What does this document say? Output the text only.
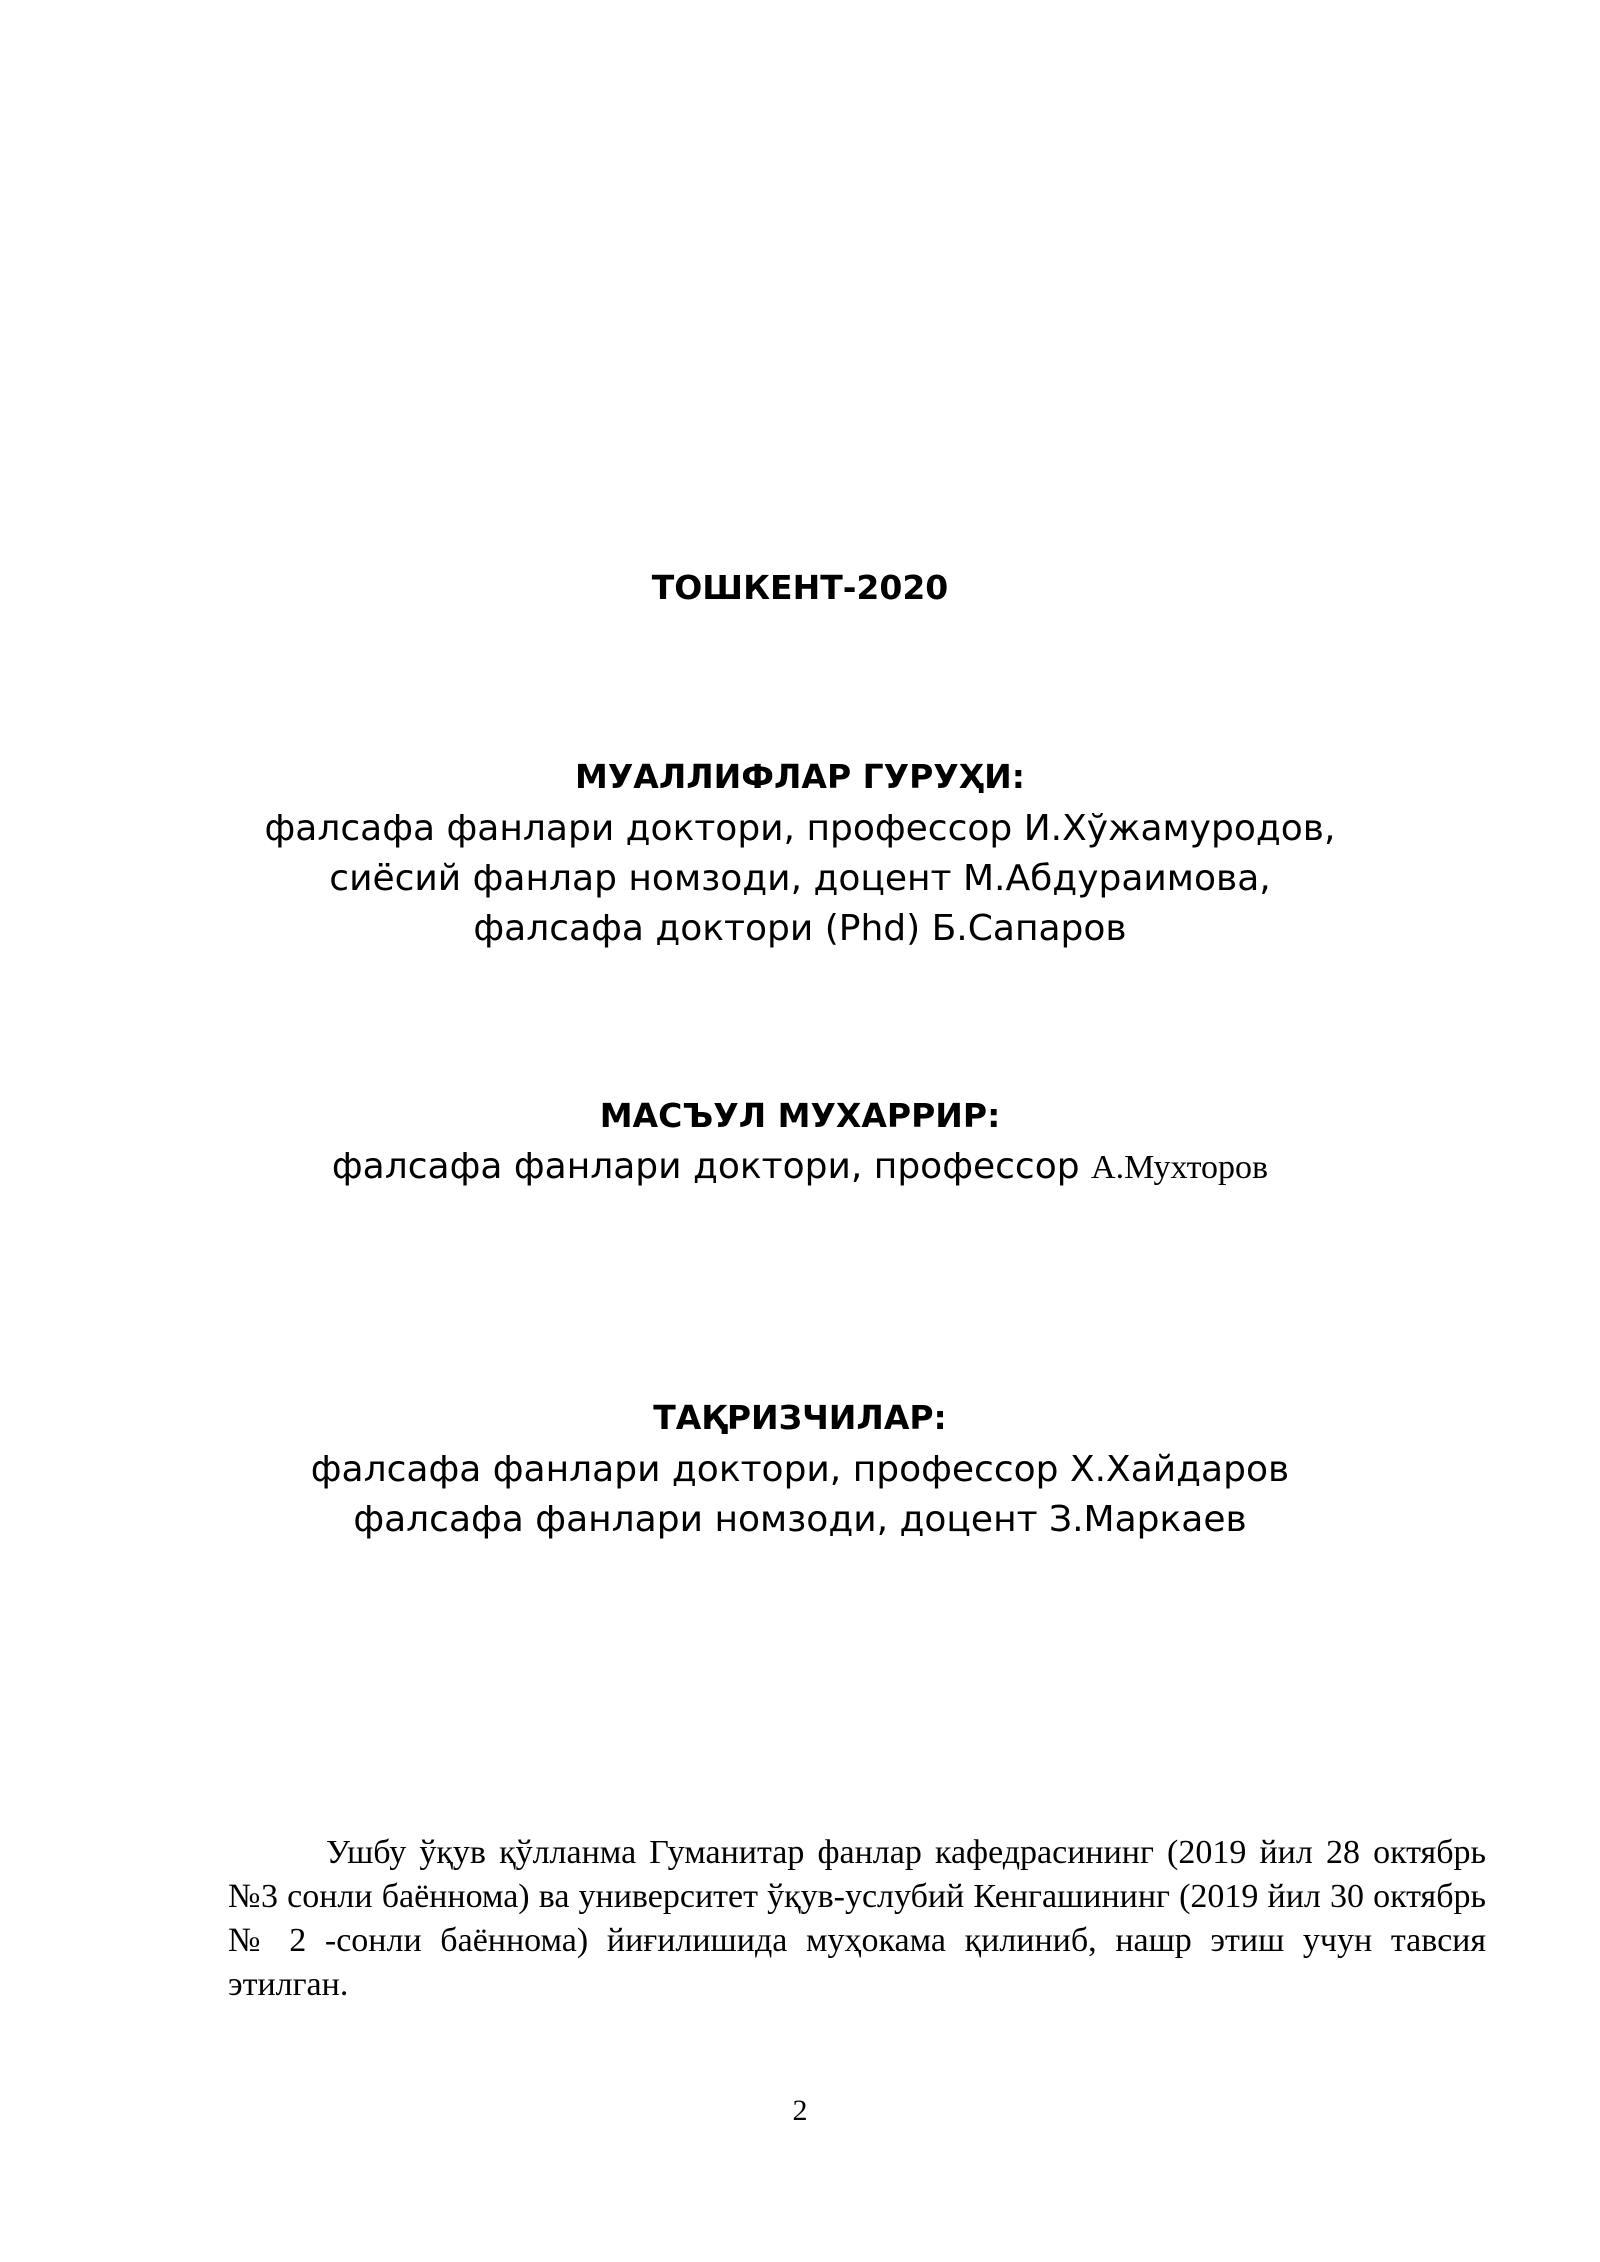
ТОШКЕНТ-2020
МУАЛЛИФЛАР ГУРУҲИ:
фалсафа фанлари доктори, профессор И.Хўжамуродов,
сиёсий фанлар номзоди, доцент М.Абдураимова,
фалсафа доктори (Phd) Б.Сапаров
МАСЪУЛ МУХАРРИР:
фалсафа фанлари доктори, профессор А.Мухторов
ТАҚРИЗЧИЛАР:
фалсафа фанлари доктори, профессор Х.Хайдаров
фалсафа фанлари номзоди, доцент З.Маркаев
Ушбу ўқув қўлланма Гуманитар фанлар кафедрасининг (2019 йил 28 октябрь №3 сонли баённома) ва университет ўқув-услубий Кенгашининг (2019 йил 30 октябрь № 2 -сонли баённома) йиғилишида муҳокама қилиниб, нашр этиш учун тавсия этилган.
2
